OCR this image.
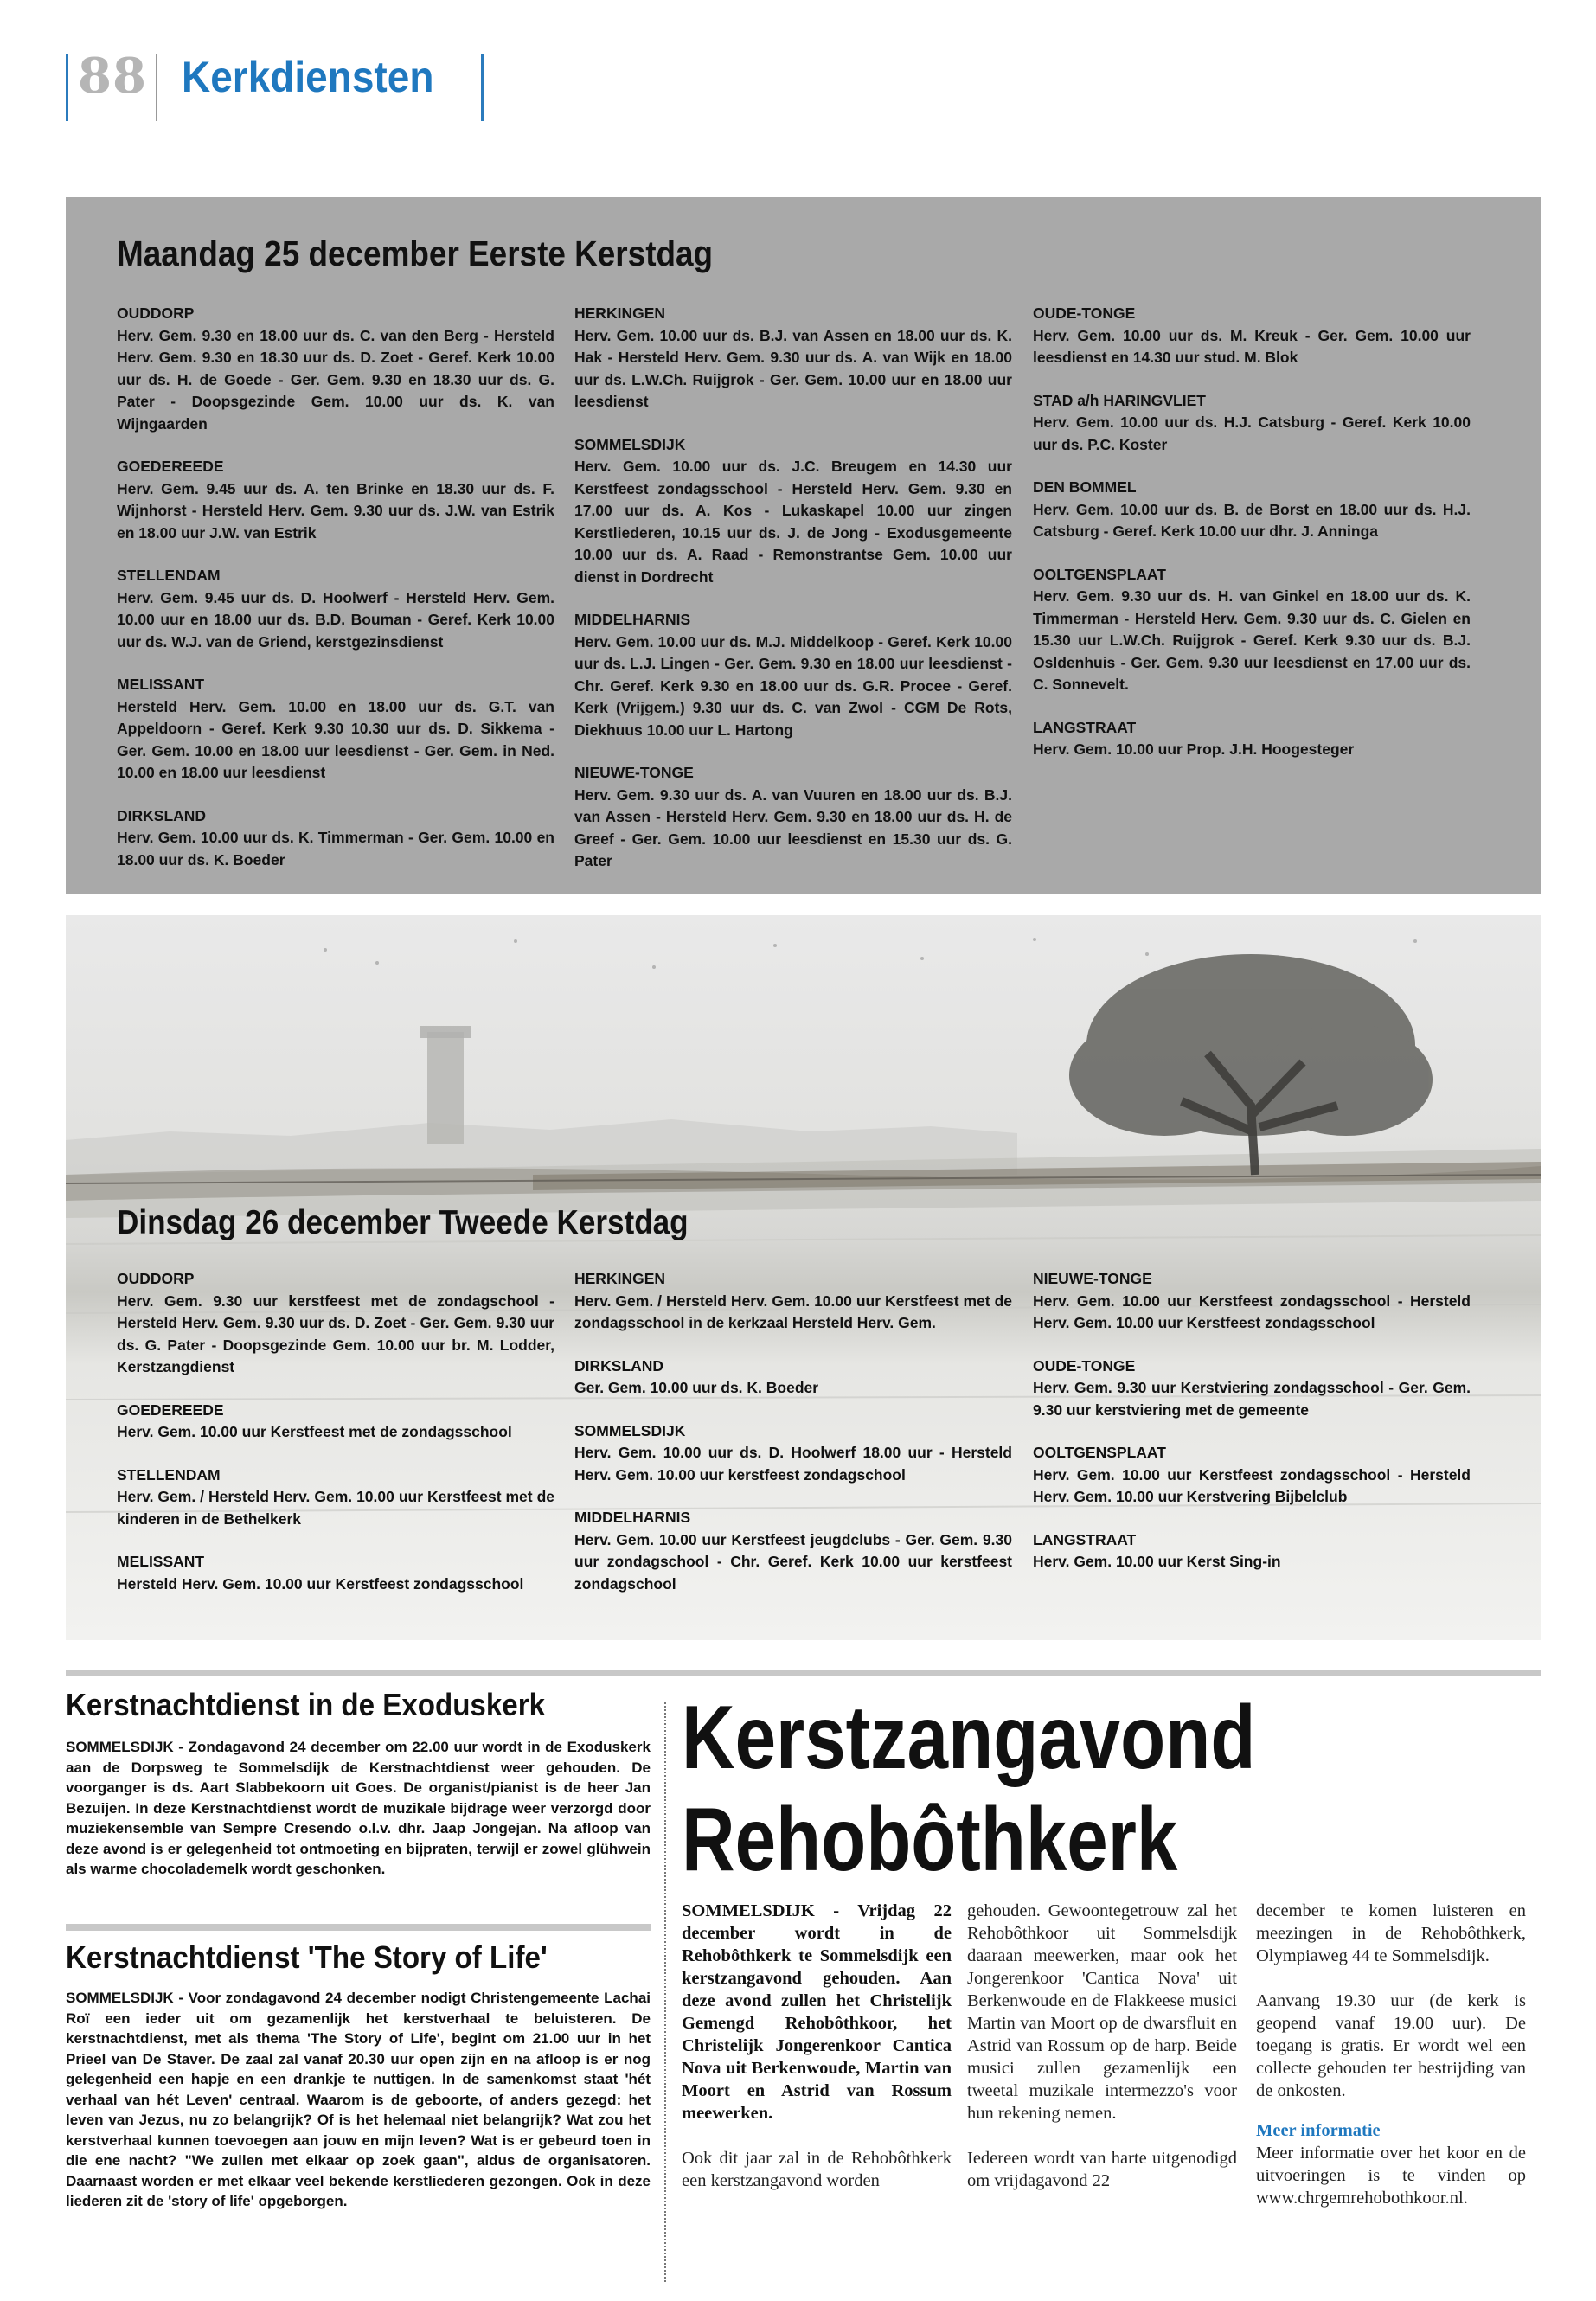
88 Kerkdiensten
Maandag 25 december Eerste Kerstdag
OUDDORP
Herv. Gem. 9.30 en 18.00 uur ds. C. van den Berg - Hersteld Herv. Gem. 9.30 en 18.30 uur ds. D. Zoet - Geref. Kerk 10.00 uur ds. H. de Goede - Ger. Gem. 9.30 en 18.30 uur ds. G. Pater - Doopsgezinde Gem. 10.00 uur ds. K. van Wijngaarden
GOEDEREEDE
Herv. Gem. 9.45 uur ds. A. ten Brinke en 18.30 uur ds. F. Wijnhorst - Hersteld Herv. Gem. 9.30 uur ds. J.W. van Estrik en 18.00 uur J.W. van Estrik
STELLENDAM
Herv. Gem. 9.45 uur ds. D. Hoolwerf - Hersteld Herv. Gem. 10.00 uur en 18.00 uur ds. B.D. Bouman - Geref. Kerk 10.00 uur ds. W.J. van de Griend, kerstgezinsdienst
MELISSANT
Hersteld Herv. Gem. 10.00 en 18.00 uur ds. G.T. van Appeldoorn - Geref. Kerk 9.30 10.30 uur ds. D. Sikkema - Ger. Gem. 10.00 en 18.00 uur leesdienst - Ger. Gem. in Ned. 10.00 en 18.00 uur leesdienst
DIRKSLAND
Herv. Gem. 10.00 uur ds. K. Timmerman - Ger. Gem. 10.00 en 18.00 uur ds. K. Boeder
HERKINGEN
Herv. Gem. 10.00 uur ds. B.J. van Assen en 18.00 uur ds. K. Hak - Hersteld Herv. Gem. 9.30 uur ds. A. van Wijk en 18.00 uur ds. L.W.Ch. Ruijgrok - Ger. Gem. 10.00 uur en 18.00 uur leesdienst
SOMMELSDIJK
Herv. Gem. 10.00 uur ds. J.C. Breugem en 14.30 uur Kerstfeest zondagsschool - Hersteld Herv. Gem. 9.30 en 17.00 uur ds. A. Kos - Lukaskapel 10.00 uur zingen Kerstliederen, 10.15 uur ds. J. de Jong - Exodusgemeente 10.00 uur ds. A. Raad - Remonstrantse Gem. 10.00 uur dienst in Dordrecht
MIDDELHARNIS
Herv. Gem. 10.00 uur ds. M.J. Middelkoop - Geref. Kerk 10.00 uur ds. L.J. Lingen - Ger. Gem. 9.30 en 18.00 uur leesdienst - Chr. Geref. Kerk 9.30 en 18.00 uur ds. G.R. Procee - Geref. Kerk (Vrijgem.) 9.30 uur ds. C. van Zwol - CGM De Rots, Diekhuus 10.00 uur L. Hartong
NIEUWE-TONGE
Herv. Gem. 9.30 uur ds. A. van Vuuren en 18.00 uur ds. B.J. van Assen - Hersteld Herv. Gem. 9.30 en 18.00 uur ds. H. de Greef - Ger. Gem. 10.00 uur leesdienst en 15.30 uur ds. G. Pater
OUDE-TONGE
Herv. Gem. 10.00 uur ds. M. Kreuk - Ger. Gem. 10.00 uur leesdienst en 14.30 uur stud. M. Blok
STAD a/h HARINGVLIET
Herv. Gem. 10.00 uur ds. H.J. Catsburg - Geref. Kerk 10.00 uur ds. P.C. Koster
DEN BOMMEL
Herv. Gem. 10.00 uur ds. B. de Borst en 18.00 uur ds. H.J. Catsburg - Geref. Kerk 10.00 uur dhr. J. Anninga
OOLTGENSPLAAT
Herv. Gem. 9.30 uur ds. H. van Ginkel en 18.00 uur ds. K. Timmerman - Hersteld Herv. Gem. 9.30 uur ds. C. Gielen en 15.30 uur L.W.Ch. Ruijgrok - Geref. Kerk 9.30 uur ds. B.J. Osldenhuis - Ger. Gem. 9.30 uur leesdienst en 17.00 uur ds. C. Sonnevelt.
LANGSTRAAT
Herv. Gem. 10.00 uur Prop. J.H. Hoogesteger
Dinsdag 26 december Tweede Kerstdag
OUDDORP
Herv. Gem. 9.30 uur kerstfeest met de zondagschool - Hersteld Herv. Gem. 9.30 uur ds. D. Zoet - Ger. Gem. 9.30 uur ds. G. Pater - Doopsgezinde Gem. 10.00 uur br. M. Lodder, Kerstzangdienst
GOEDEREEDE
Herv. Gem. 10.00 uur Kerstfeest met de zondagsschool
STELLENDAM
Herv. Gem. / Hersteld Herv. Gem. 10.00 uur Kerstfeest met de kinderen in de Bethelkerk
MELISSANT
Hersteld Herv. Gem. 10.00 uur Kerstfeest zondagsschool
HERKINGEN
Herv. Gem. / Hersteld Herv. Gem. 10.00 uur Kerstfeest met de zondagsschool in de kerkzaal Hersteld Herv. Gem.
DIRKSLAND
Ger. Gem. 10.00 uur ds. K. Boeder
SOMMELSDIJK
Herv. Gem. 10.00 uur ds. D. Hoolwerf 18.00 uur - Hersteld Herv. Gem. 10.00 uur kerstfeest zondagschool
MIDDELHARNIS
Herv. Gem. 10.00 uur Kerstfeest jeugdclubs - Ger. Gem. 9.30 uur zondagschool - Chr. Geref. Kerk 10.00 uur kerstfeest zondagschool
NIEUWE-TONGE
Herv. Gem. 10.00 uur Kerstfeest zondagsschool - Hersteld Herv. Gem. 10.00 uur Kerstfeest zondagsschool
OUDE-TONGE
Herv. Gem. 9.30 uur Kerstviering zondagsschool - Ger. Gem. 9.30 uur kerstviering met de gemeente
OOLTGENSPLAAT
Herv. Gem. 10.00 uur Kerstfeest zondagsschool - Hersteld Herv. Gem. 10.00 uur Kerstvering Bijbelclub
LANGSTRAAT
Herv. Gem. 10.00 uur Kerst Sing-in
Kerstnachtdienst in de Exoduskerk
SOMMELSDIJK - Zondagavond 24 december om 22.00 uur wordt in de Exoduskerk aan de Dorpsweg te Sommelsdijk de Kerstnachtdienst weer gehouden. De voorganger is ds. Aart Slabbekoorn uit Goes. De organist/pianist is de heer Jan Bezuijen. In deze Kerstnachtdienst wordt de muzikale bijdrage weer verzorgd door muziekensemble van Sempre Cresendo o.l.v. dhr. Jaap Jongejan. Na afloop van deze avond is er gelegenheid tot ontmoeting en bijpraten, terwijl er zowel glühwein als warme chocolademelk wordt geschonken.
Kerstnachtdienst 'The Story of Life'
SOMMELSDIJK - Voor zondagavond 24 december nodigt Christengemeente Lachai Roï een ieder uit om gezamenlijk het kerstverhaal te beluisteren. De kerstnachtdienst, met als thema 'The Story of Life', begint om 21.00 uur in het Prieel van De Staver. De zaal zal vanaf 20.30 uur open zijn en na afloop is er nog gelegenheid een hapje en een drankje te nuttigen. In de samenkomst staat 'hét verhaal van hét Leven' centraal. Waarom is de geboorte, of anders gezegd: het leven van Jezus, nu zo belangrijk? Of is het helemaal niet belangrijk? Wat zou het kerstverhaal kunnen toevoegen aan jouw en mijn leven? Wat is er gebeurd toen in die ene nacht? "We zullen met elkaar op zoek gaan", aldus de organisatoren. Daarnaast worden er met elkaar veel bekende kerstliederen gezongen. Ook in deze liederen zit de 'story of life' opgeborgen.
Kerstzangavond
Rehobôthkerk

SOMMELSDIJK - Vrijdag 22 december wordt in de Rehobôthkerk te Sommelsdijk een kerstzangavond gehouden. Aan deze avond zullen het Christelijk Gemengd Rehobôthkoor, het Christelijk Jongerenkoor Cantica Nova uit Berkenwoude, Martin van Moort en Astrid van Rossum meewerken.

Ook dit jaar zal in de Rehobôthkerk een kerstzangavond worden

gehouden. Gewoontegetrouw zal het Rehobôthkoor uit Sommelsdijk daaraan meewerken, maar ook het Jongerenkoor 'Cantica Nova' uit Berkenwoude en de Flakkeese musici Martin van Moort op de dwarsfluit en Astrid van Rossum op de harp. Beide musici zullen gezamenlijk een tweetal muzikale intermezzo's voor hun rekening nemen.

Iedereen wordt van harte uitgenodigd om vrijdagavond 22

december te komen luisteren en meezingen in de Rehobôthkerk, Olympiaweg 44 te Sommelsdijk.

Aanvang 19.30 uur (de kerk is geopend vanaf 19.00 uur). De toegang is gratis. Er wordt wel een collecte gehouden ter bestrijding van de onkosten.

Meer informatie
Meer informatie over het koor en de uitvoeringen is te vinden op www.chrgemrehobothkoor.nl.
